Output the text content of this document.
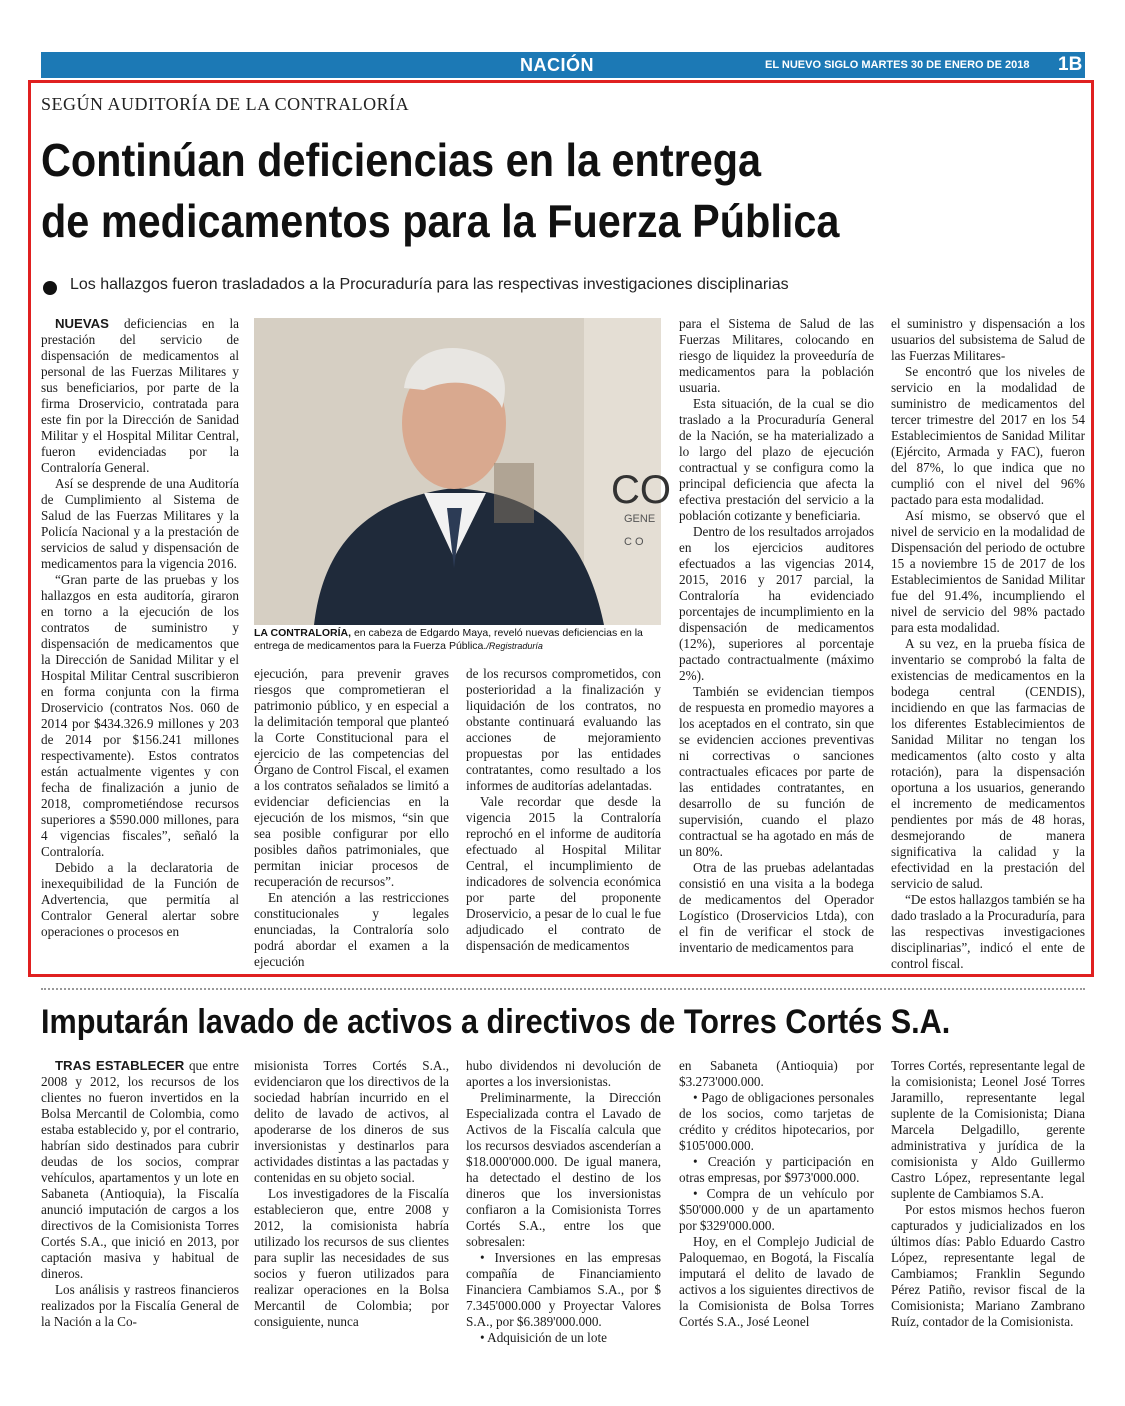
NACIÓN	EL NUEVO SIGLO MARTES 30 DE ENERO DE 2018 1B
SEGÚN AUDITORÍA DE LA CONTRALORÍA
Continúan deficiencias en la entrega
de medicamentos para la Fuerza Pública
Los hallazgos fueron trasladados a la Procuraduría para las respectivas investigaciones disciplinarias

NUEVAS deficiencias en la prestación del servicio de dispensación de medicamentos al personal de las Fuerzas Militares y sus beneficiarios, por parte de la firma Droservicio, contratada para este fin por la Dirección de Sanidad Militar y el Hospital Militar Central, fueron evidenciadas por la Contraloría General.

Así se desprende de una Auditoría de Cumplimiento al Sistema de Salud de las Fuerzas Militares y la Policía Nacional y a la prestación de servicios de salud y dispensación de medicamentos para la vigencia 2016.

“Gran parte de las pruebas y los hallazgos en esta auditoría, giraron en torno a la ejecución de los contratos de suministro y dispensación de medicamentos que la Dirección de Sanidad Militar y el Hospital Militar Central suscribieron en forma conjunta con la firma Droservicio (contratos Nos. 060 de 2014 por $434.326.9 millones y 203 de 2014 por $156.241 millones respectivamente). Estos contratos están actualmente vigentes y con fecha de finalización a junio de 2018, comprometiéndose recursos superiores a $590.000 millones, para 4 vigencias fiscales”, señaló la Contraloría.

Debido a la declaratoria de inexequibilidad de la Función de Advertencia, que permitía al Contralor General alertar sobre operaciones o procesos en

CO
GENE
C O
LA CONTRALORÍA, en cabeza de Edgardo Maya, reveló nuevas deficiencias en la entrega de medicamentos para la Fuerza Pública./Registraduría

ejecución, para prevenir graves riesgos que comprometieran el patrimonio público, y en especial a la delimitación temporal que planteó la Corte Constitucional para el ejercicio de las competencias del Órgano de Control Fiscal, el examen a los contratos señalados se limitó a evidenciar deficiencias en la ejecución de los mismos, “sin que sea posible configurar por ello posibles daños patrimoniales, que permitan iniciar procesos de recuperación de recursos”.

En atención a las restricciones constitucionales y legales enunciadas, la Contraloría solo podrá abordar el examen a la ejecución

de los recursos comprometidos, con posterioridad a la finalización y liquidación de los contratos, no obstante continuará evaluando las acciones de mejoramiento propuestas por las entidades contratantes, como resultado a los informes de auditorías adelantadas.

Vale recordar que desde la vigencia 2015 la Contraloría reprochó en el informe de auditoría efectuado al Hospital Militar Central, el incumplimiento de indicadores de solvencia económica por parte del proponente Droservicio, a pesar de lo cual le fue adjudicado el contrato de dispensación de medicamentos

para el Sistema de Salud de las Fuerzas Militares, colocando en riesgo de liquidez la proveeduría de medicamentos para la población usuaria.

Esta situación, de la cual se dio traslado a la Procuraduría General de la Nación, se ha materializado a lo largo del plazo de ejecución contractual y se configura como la principal deficiencia que afecta la efectiva prestación del servicio a la población cotizante y beneficiaria.

Dentro de los resultados arrojados en los ejercicios auditores efectuados a las vigencias 2014, 2015, 2016 y 2017 parcial, la Contraloría ha evidenciado porcentajes de incumplimiento en la dispensación de medicamentos (12%), superiores al porcentaje pactado contractualmente (máximo 2%).

También se evidencian tiempos de respuesta en promedio mayores a los aceptados en el contrato, sin que se evidencien acciones preventivas ni correctivas o sanciones contractuales eficaces por parte de las entidades contratantes, en desarrollo de su función de supervisión, cuando el plazo contractual se ha agotado en más de un 80%.

Otra de las pruebas adelantadas consistió en una visita a la bodega de medicamentos del Operador Logístico (Droservicios Ltda), con el fin de verificar el stock de inventario de medicamentos para

el suministro y dispensación a los usuarios del subsistema de Salud de las Fuerzas Militares-

Se encontró que los niveles de servicio en la modalidad de suministro de medicamentos del tercer trimestre del 2017 en los 54 Establecimientos de Sanidad Militar (Ejército, Armada y FAC), fueron del 87%, lo que indica que no cumplió con el nivel del 96% pactado para esta modalidad.

Así mismo, se observó que el nivel de servicio en la modalidad de Dispensación del periodo de octubre 15 a noviembre 15 de 2017 de los Establecimientos de Sanidad Militar fue del 91.4%, incumpliendo el nivel de servicio del 98% pactado para esta modalidad.

A su vez, en la prueba física de inventario se comprobó la falta de existencias de medicamentos en la bodega central (CENDIS), incidiendo en que las farmacias de los diferentes Establecimientos de Sanidad Militar no tengan los medicamentos (alto costo y alta rotación), para la dispensación oportuna a los usuarios, generando el incremento de medicamentos pendientes por más de 48 horas, desmejorando de manera significativa la calidad y la efectividad en la prestación del servicio de salud.

“De estos hallazgos también se ha dado traslado a la Procuraduría, para las respectivas investigaciones disciplinarias”, indicó el ente de control fiscal.

Imputarán lavado de activos a directivos de Torres Cortés S.A.

TRAS ESTABLECER que entre 2008 y 2012, los recursos de los clientes no fueron invertidos en la Bolsa Mercantil de Colombia, como estaba establecido y, por el contrario, habrían sido destinados para cubrir deudas de los socios, comprar vehículos, apartamentos y un lote en Sabaneta (Antioquia), la Fiscalía anunció imputación de cargos a los directivos de la Comisionista Torres Cortés S.A., que inició en 2013, por captación masiva y habitual de dineros.

Los análisis y rastreos financieros realizados por la Fiscalía General de la Nación a la Co-

misionista Torres Cortés S.A., evidenciaron que los directivos de la sociedad habrían incurrido en el delito de lavado de activos, al apoderarse de los dineros de sus inversionistas y destinarlos para actividades distintas a las pactadas y contenidas en su objeto social.

Los investigadores de la Fiscalía establecieron que, entre 2008 y 2012, la comisionista habría utilizado los recursos de sus clientes para suplir las necesidades de sus socios y fueron utilizados para realizar operaciones en la Bolsa Mercantil de Colombia; por consiguiente, nunca

hubo dividendos ni devolución de aportes a los inversionistas.

Preliminarmente, la Dirección Especializada contra el Lavado de Activos de la Fiscalía calcula que los recursos desviados ascenderían a $18.000'000.000. De igual manera, ha detectado el destino de los dineros que los inversionistas confiaron a la Comisionista Torres Cortés S.A., entre los que sobresalen:

• Inversiones en las empresas compañía de Financiamiento Financiera Cambiamos S.A., por $ 7.345'000.000 y Proyectar Valores S.A., por $6.389'000.000.

• Adquisición de un lote

en Sabaneta (Antioquia) por $3.273'000.000.

• Pago de obligaciones personales de los socios, como tarjetas de crédito y créditos hipotecarios, por $105'000.000.

• Creación y participación en otras empresas, por $973'000.000.

• Compra de un vehículo por $50'000.000 y de un apartamento por $329'000.000.

Hoy, en el Complejo Judicial de Paloquemao, en Bogotá, la Fiscalía imputará el delito de lavado de activos a los siguientes directivos de la Comisionista de Bolsa Torres Cortés S.A., José Leonel

Torres Cortés, representante legal de la comisionista; Leonel José Torres Jaramillo, representante legal suplente de la Comisionista; Diana Marcela Delgadillo, gerente administrativa y jurídica de la comisionista y Aldo Guillermo Castro López, representante legal suplente de Cambiamos S.A.

Por estos mismos hechos fueron capturados y judicializados en los últimos días: Pablo Eduardo Castro López, representante legal de Cambiamos; Franklin Segundo Pérez Patiño, revisor fiscal de la Comisionista; Mariano Zambrano Ruíz, contador de la Comisionista.
